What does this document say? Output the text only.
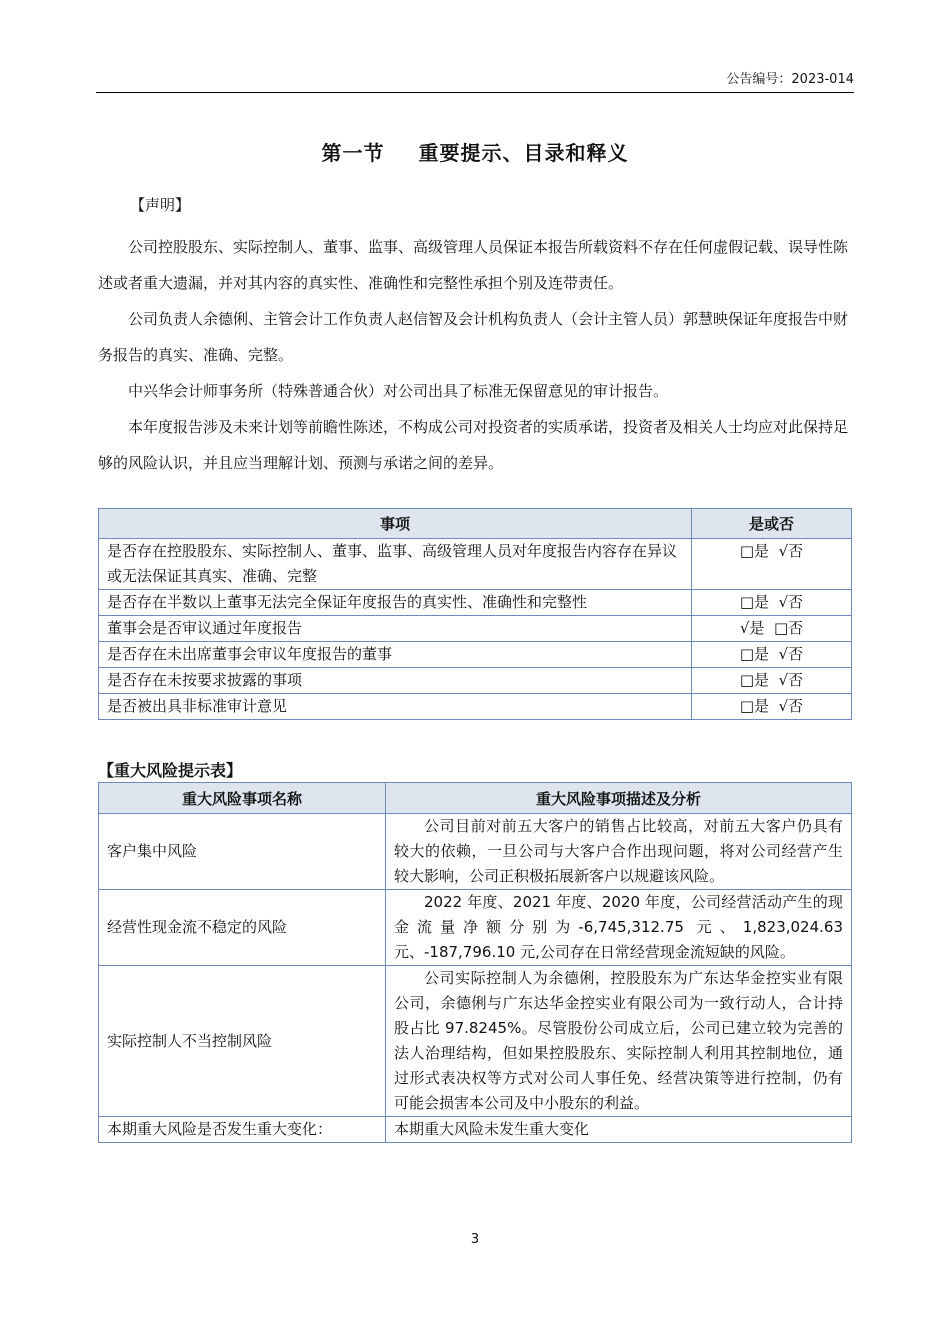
公告编号：2023-014
第一节 重要提示、目录和释义
【声明】

公司控股股东、实际控制人、董事、监事、高级管理人员保证本报告所载资料不存在任何虚假记载、误导性陈述或者重大遗漏，并对其内容的真实性、准确性和完整性承担个别及连带责任。

公司负责人余德俐、主管会计工作负责人赵信智及会计机构负责人（会计主管人员）郭慧映保证年度报告中财务报告的真实、准确、完整。

中兴华会计师事务所（特殊普通合伙）对公司出具了标准无保留意见的审计报告。

本年度报告涉及未来计划等前瞻性陈述，不构成公司对投资者的实质承诺，投资者及相关人士均应对此保持足够的风险认识，并且应当理解计划、预测与承诺之间的差异。

事项	是或否
是否存在控股股东、实际控制人、董事、监事、高级管理人员对年度报告内容存在异议或无法保证其真实、准确、完整	□是  √否
是否存在半数以上董事无法完全保证年度报告的真实性、准确性和完整性	□是  √否
董事会是否审议通过年度报告	√是  □否
是否存在未出席董事会审议年度报告的董事	□是  √否
是否存在未按要求披露的事项	□是  √否
是否被出具非标准审计意见	□是  √否
【重大风险提示表】
重大风险事项名称	重大风险事项描述及分析
客户集中风险	公司目前对前五大客户的销售占比较高，对前五大客户仍具有较大的依赖，一旦公司与大客户合作出现问题，将对公司经营产生较大影响，公司正积极拓展新客户以规避该风险。

经营性现金流不稳定的风险	2022 年度、2021 年度、2020 年度，公司经营活动产生的现金流量净额分别为-6,745,312.75 元、1,823,024.63 元、-187,796.10 元,公司存在日常经营现金流短缺的风险。

实际控制人不当控制风险	公司实际控制人为余德俐，控股股东为广东达华金控实业有限公司，余德俐与广东达华金控实业有限公司为一致行动人，合计持股占比 97.8245%。尽管股份公司成立后，公司已建立较为完善的法人治理结构，但如果控股股东、实际控制人利用其控制地位，通过形式表决权等方式对公司人事任免、经营决策等进行控制，仍有可能会损害本公司及中小股东的利益。

本期重大风险是否发生重大变化：	本期重大风险未发生重大变化
3
